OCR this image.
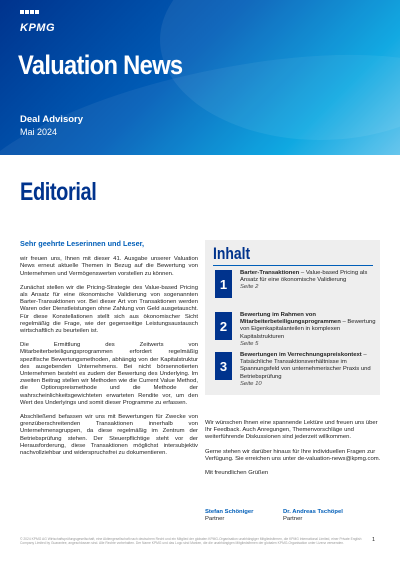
KPMG
Valuation News
Deal Advisory
Mai 2024
Editorial
Sehr geehrte Leserinnen und Leser,

wir freuen uns, Ihnen mit dieser 41. Ausgabe unserer Valuation News erneut aktuelle Themen in Bezug auf die Bewertung von Unternehmen und Vermögenswerten vorstellen zu können.

Zunächst stellen wir die Pricing-Strategie des Value-based Pricing als Ansatz für eine ökonomische Validierung von sogenannten Barter-Transaktionen vor. Bei dieser Art von Transaktionen werden Waren oder Dienstleistungen ohne Zahlung von Geld ausgetauscht. Für diese Konstellationen stellt sich aus ökonomischer Sicht regelmäßig die Frage, wie der gegenseitige Leistungsaustausch wirtschaftlich zu beurteilen ist.

Die Ermittlung des Zeitwerts von Mitarbeiterbeteiligungsprogrammen erfordert regelmäßig spezifische Bewertungsmethoden, abhängig von der Kapitalstruktur des ausgebenden Unternehmens. Bei nicht börsennotierten Unternehmen besteht es zudem der Bewertung des Underlying. Im zweiten Beitrag stellen wir Methoden wie die Current Value Method, die Optionspreismethode und die Methode der wahrscheinlichkeitsgewichteten erwarteten Rendite vor, um den Wert des Underlyings und somit dieser Programme zu erfassen.

Abschließend befassen wir uns mit Bewertungen für Zwecke von grenzüberschreitenden Transaktionen innerhalb von Unternehmensgruppen, da diese regelmäßig im Zentrum der Betriebsprüfung stehen. Der Steuerpflichtige steht vor der Herausforderung, diese Transaktionen möglichst intersubjektiv nachvollziehbar und widerspruchsfrei zu dokumentieren.

Inhalt
1
Barter-Transaktionen – Value-based Pricing als Ansatz für eine ökonomische Validierung
Seite 2
2
Bewertung im Rahmen von Mitarbeiterbeteiligungsprogrammen – Bewertung von Eigenkapitalanteilen in komplexen Kapitalstrukturen
Seite 5
3
Bewertungen im Verrechnungspreiskontext – Tatsächliche Transaktionsverhältnisse im Spannungsfeld von unternehmerischer Praxis und Betriebsprüfung
Seite 10

Wir wünschen Ihnen eine spannende Lektüre und freuen uns über Ihr Feedback. Auch Anregungen, Themenvorschläge und weiterführende Diskussionen sind jederzeit willkommen.

Gerne stehen wir darüber hinaus für Ihre individuellen Fragen zur Verfügung. Sie erreichen uns unter de-valuation-news@kpmg.com.

Mit freundlichen Grüßen

Stefan Schöniger
Partner
Dr. Andreas Tschöpel
Partner
© 2024 KPMG AG Wirtschaftsprüfungsgesellschaft, eine Aktiengesellschaft nach deutschem Recht und ein Mitglied der globalen KPMG-Organisation unabhängiger Mitgliedsfirmen, die KPMG International Limited, einer Private English Company Limited by Guarantee, angeschlossen sind. Alle Rechte vorbehalten. Der Name KPMG und das Logo sind Marken, die die unabhängigen Mitgliedsfirmen der globalen KPMG-Organisation unter Lizenz verwenden.	1
